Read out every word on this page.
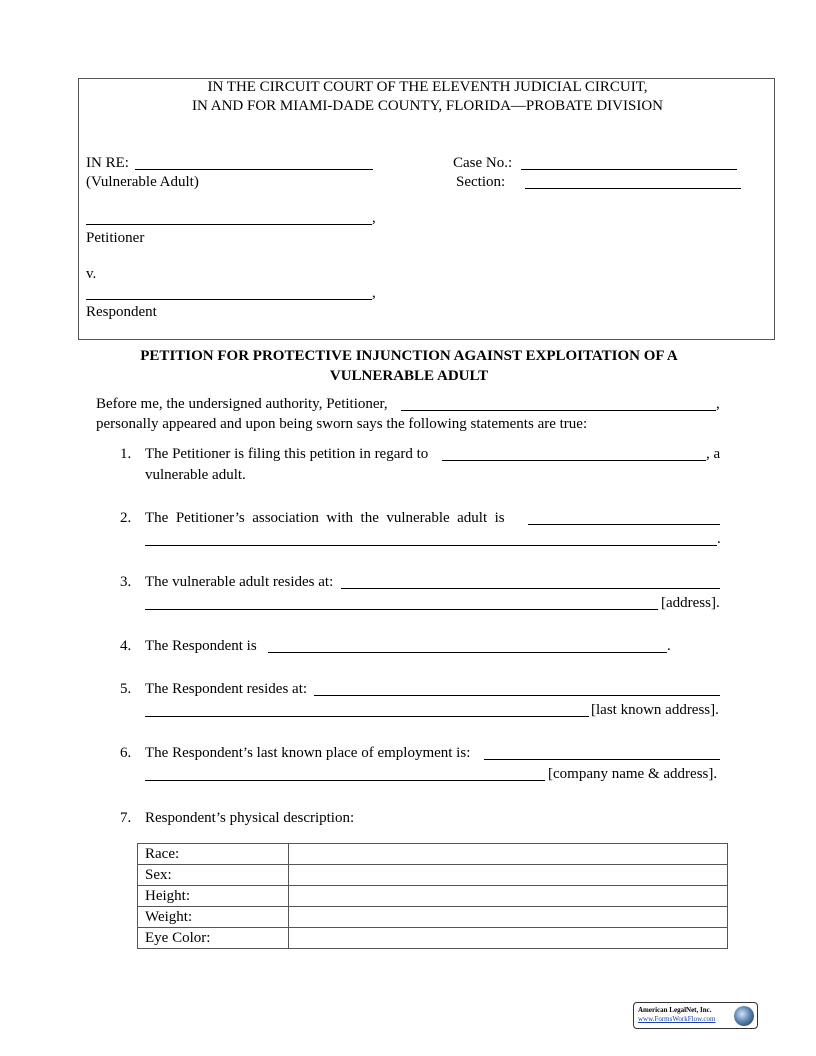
IN THE CIRCUIT COURT OF THE ELEVENTH JUDICIAL CIRCUIT,
IN AND FOR MIAMI-DADE COUNTY, FLORIDA—PROBATE DIVISION
IN RE:
(Vulnerable Adult)
Case No.:
Section:
,
Petitioner
v.
,
Respondent
PETITION FOR PROTECTIVE INJUNCTION AGAINST EXPLOITATION OF A
VULNERABLE ADULT
Before me, the undersigned authority, Petitioner,	,
personally appeared and upon being sworn says the following statements are true:
1. The Petitioner is filing this petition in regard to	, a
vulnerable adult.
2. The  Petitioner’s  association  with  the  vulnerable  adult  is
.
3. The vulnerable adult resides at:
[address].
4. The Respondent is	.
5. The Respondent resides at:
[last known address].
6. The Respondent’s last known place of employment is:
[company name & address].
7. Respondent’s physical description:
Race:	
Sex:	
Height:	
Weight:	
Eye Color:	
American LegalNet, Inc.
www.FormsWorkFlow.com
